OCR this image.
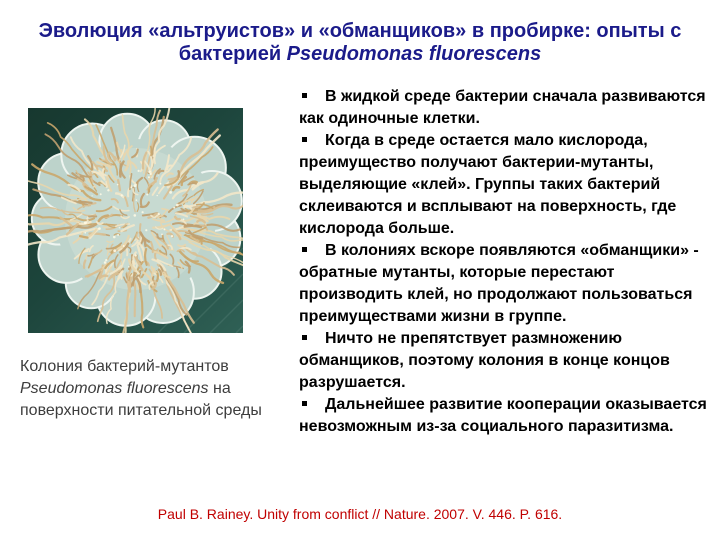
Эволюция «альтруистов» и «обманщиков» в пробирке: опыты с
бактерией Pseudomonas fluorescens
Колония бактерий-мутантов
Pseudomonas fluorescens на
поверхности питательной среды

В жидкой среде бактерии сначала развиваются как одиночные клетки.

Когда в среде остается мало кислорода, преимущество получают бактерии-мутанты, выделяющие «клей». Группы таких бактерий склеиваются и всплывают на поверхность, где кислорода больше.

В колониях вскоре появляются «обманщики» - обратные мутанты, которые перестают производить клей, но продолжают пользоваться преимуществами жизни в группе.

Ничто не препятствует размножению обманщиков, поэтому колония в конце концов разрушается.

Дальнейшее развитие кооперации оказывается невозможным из-за социального паразитизма.

Paul B. Rainey. Unity from conflict // Nature. 2007. V. 446. P. 616.
